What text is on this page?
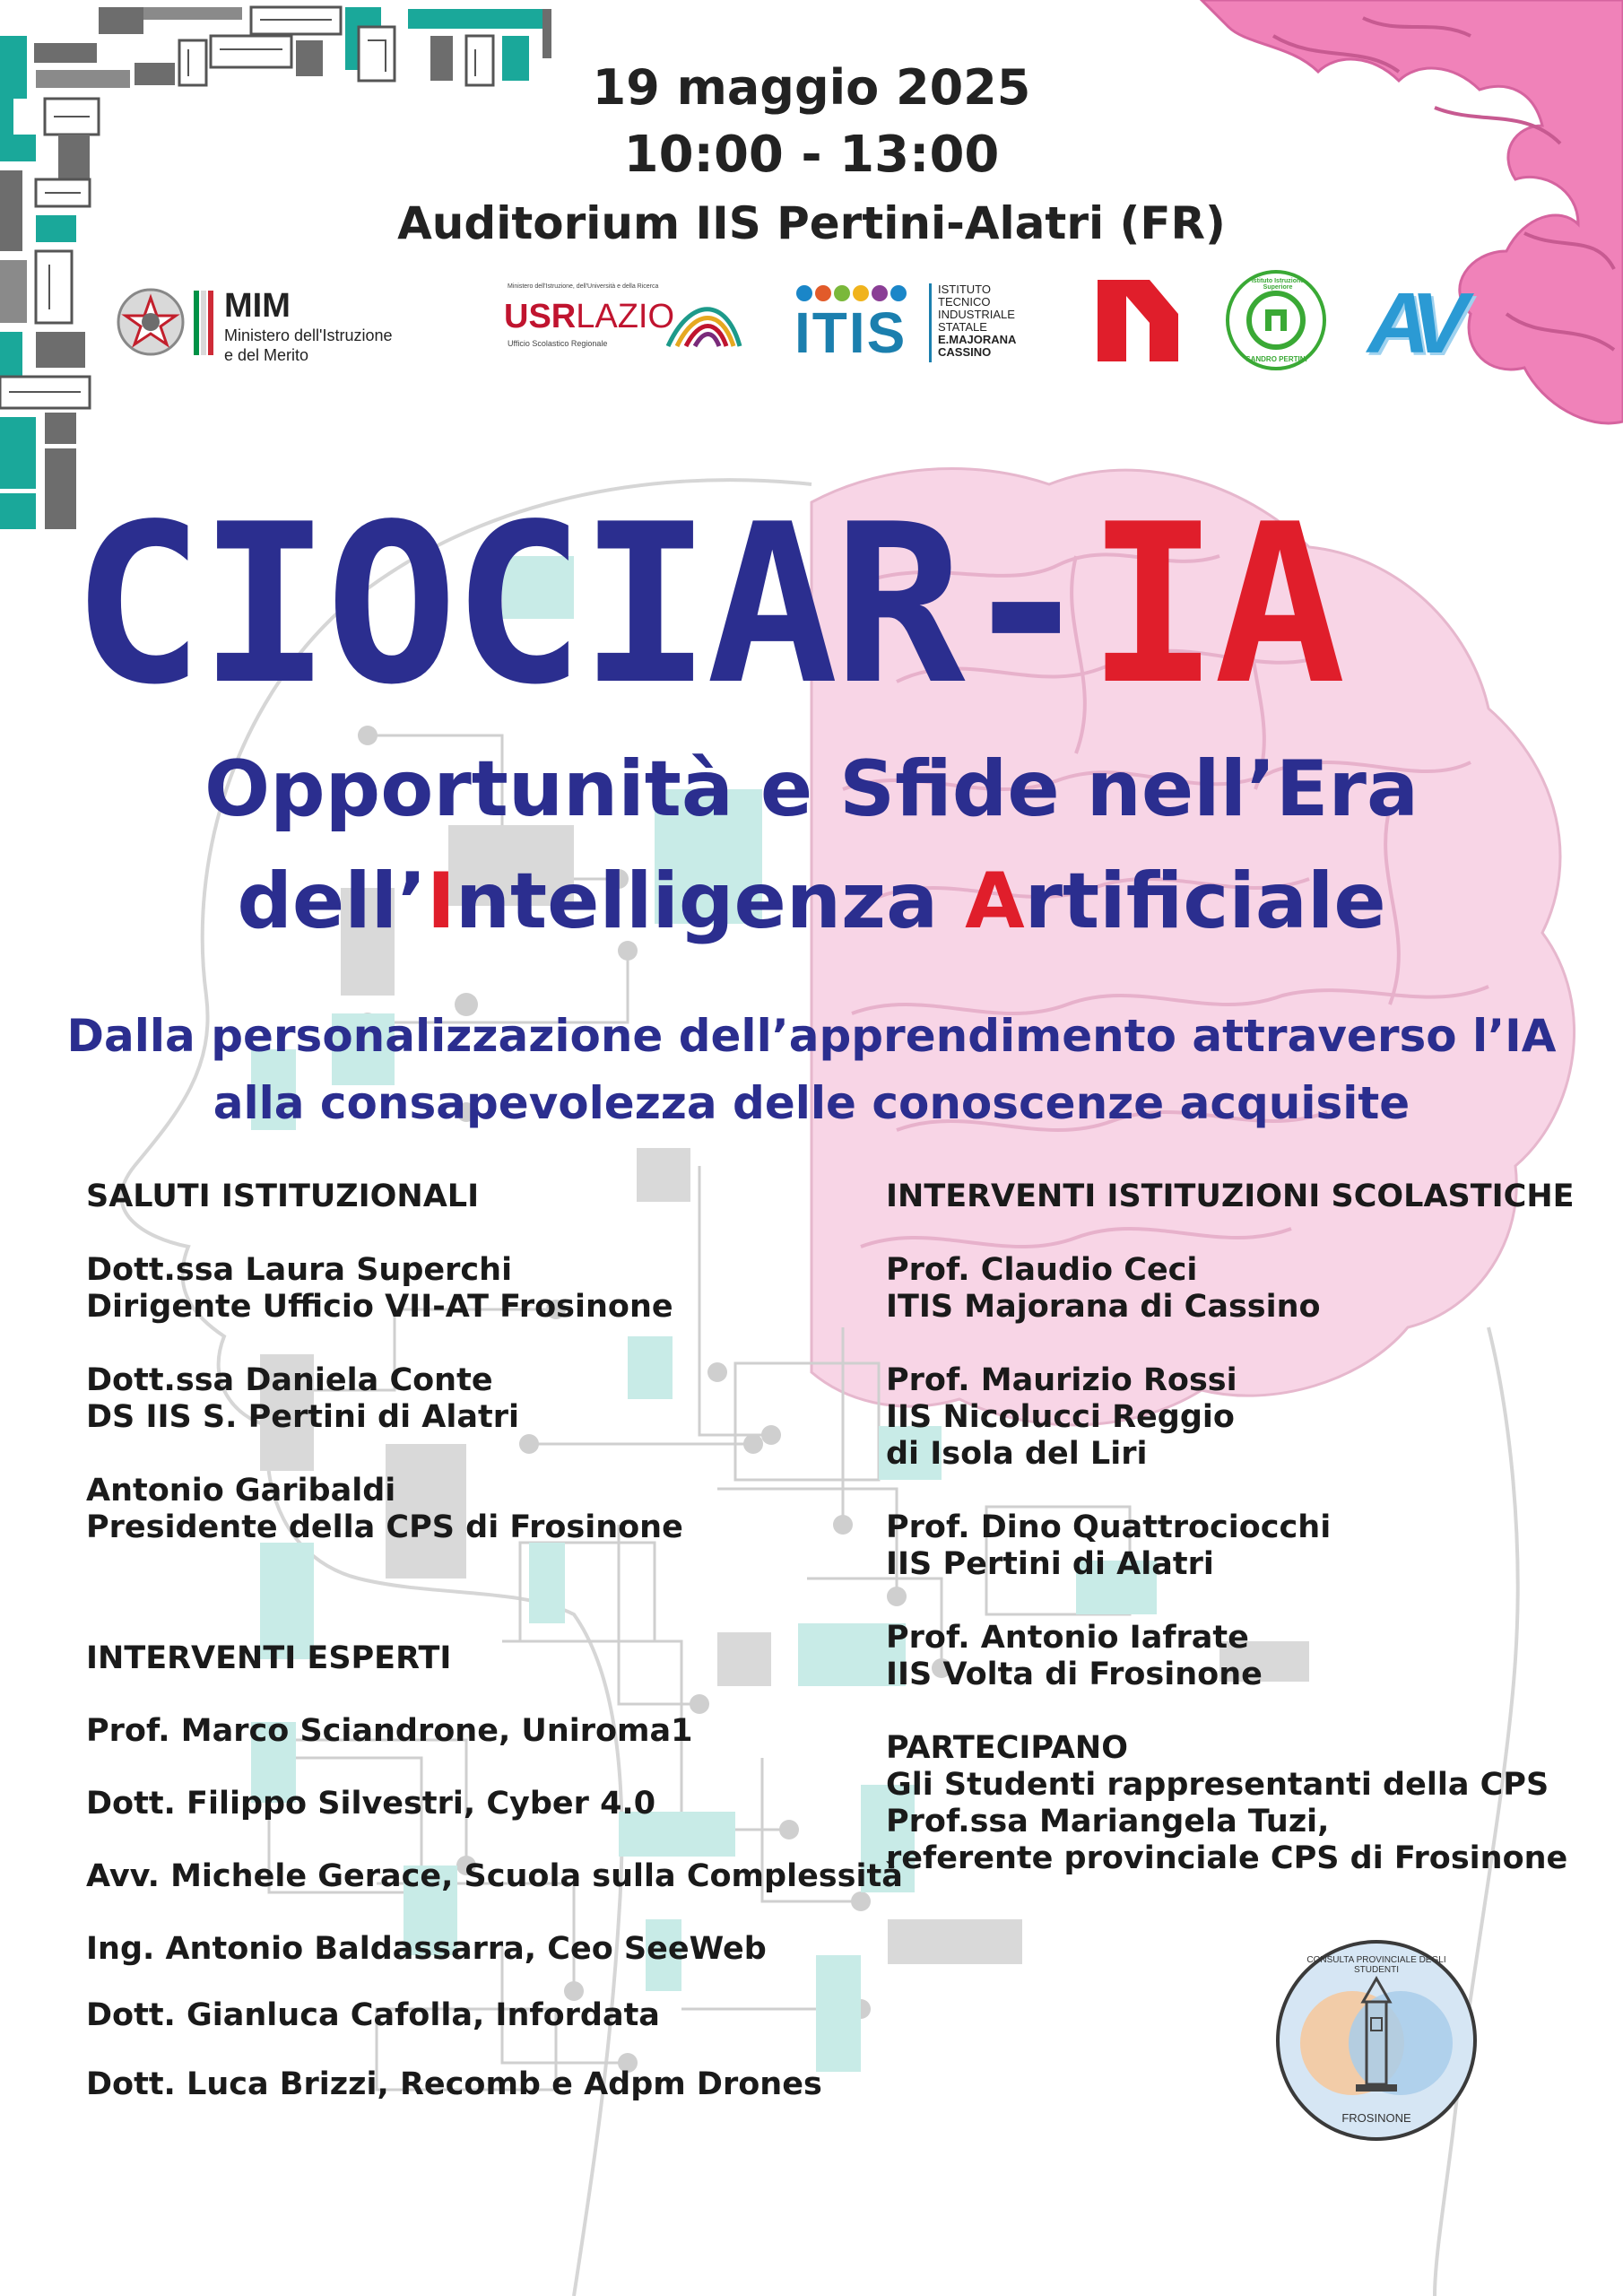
19 maggio 2025
10:00 - 13:00
Auditorium IIS Pertini-Alatri (FR)
MIM
Ministero dell'Istruzione
e del Merito
Ministero dell'Istruzione, dell'Università e della Ricerca
USRLAZIO
Ufficio Scolastico Regionale	ITIS
ISTITUTO
TECNICO
INDUSTRIALE
STATALE
E.MAJORANA
CASSINO
Istituto Istruzione Superiore
SANDRO PERTINI AV
CIOCIAR-IA
Opportunità e Sfide nell’Era
dell’Intelligenza Artificiale
Dalla personalizzazione dell’apprendimento attraverso l’IA
alla consapevolezza delle conoscenze acquisite
SALUTI ISTITUZIONALI
Dott.ssa Laura Superchi
Dirigente Ufficio VII-AT Frosinone
Dott.ssa Daniela Conte
DS IIS S. Pertini di Alatri
Antonio Garibaldi
Presidente della CPS di Frosinone
INTERVENTI ESPERTI
Prof. Marco Sciandrone, Uniroma1
Dott. Filippo Silvestri, Cyber 4.0
Avv. Michele Gerace, Scuola sulla Complessità
Ing. Antonio Baldassarra, Ceo SeeWeb
Dott. Gianluca Cafolla, Infordata
Dott. Luca Brizzi, Recomb e Adpm Drones
INTERVENTI ISTITUZIONI SCOLASTICHE
Prof. Claudio Ceci
ITIS Majorana di Cassino
Prof. Maurizio Rossi
IIS Nicolucci Reggio
di Isola del Liri
Prof. Dino Quattrociocchi
IIS Pertini di Alatri
Prof. Antonio Iafrate
IIS Volta di Frosinone
PARTECIPANO
Gli Studenti rappresentanti della CPS
Prof.ssa Mariangela Tuzi,
referente provinciale CPS di Frosinone
CONSULTA PROVINCIALE DEGLI STUDENTI
FROSINONE
